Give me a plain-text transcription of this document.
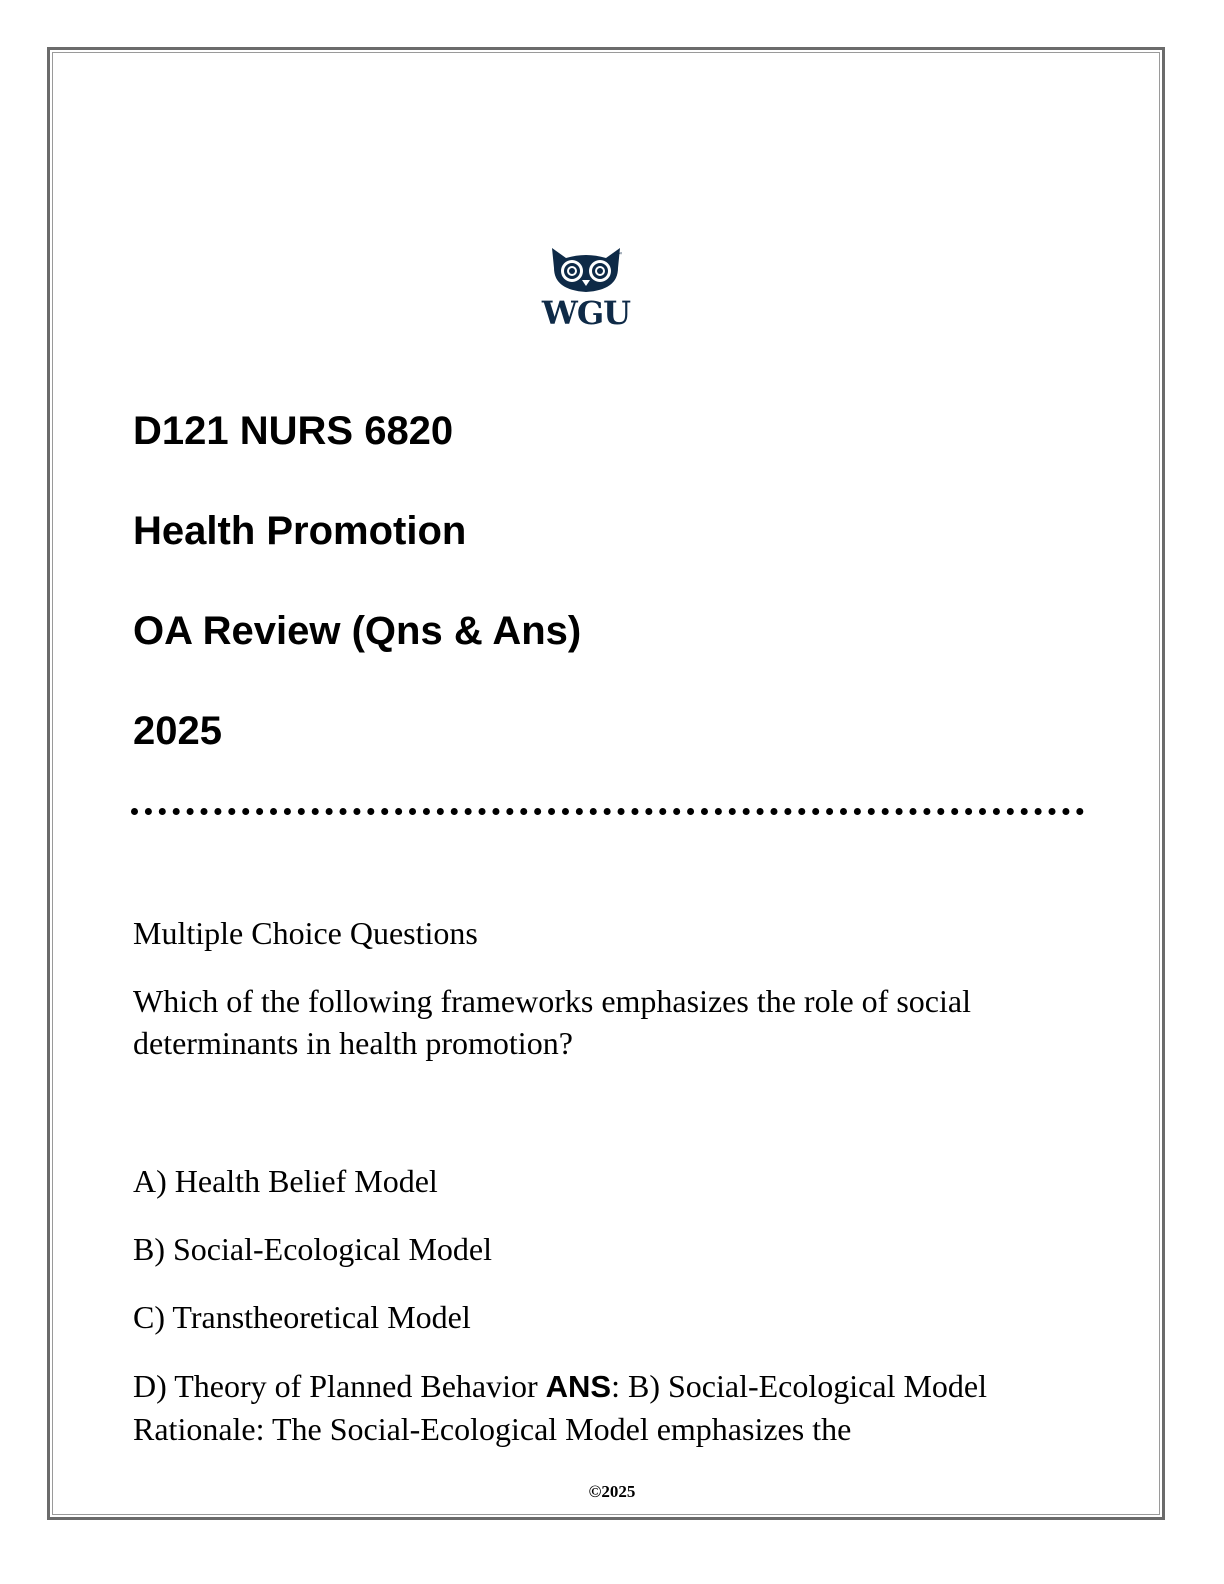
™
WGU
D121 NURS 6820
Health Promotion
OA Review (Qns & Ans)
2025
Multiple Choice Questions
Which of the following frameworks emphasizes the role of social determinants in health promotion?
A) Health Belief Model
B) Social-Ecological Model
C) Transtheoretical Model
D) Theory of Planned Behavior ANS: B) Social-Ecological Model Rationale: The Social-Ecological Model emphasizes the
©2025
